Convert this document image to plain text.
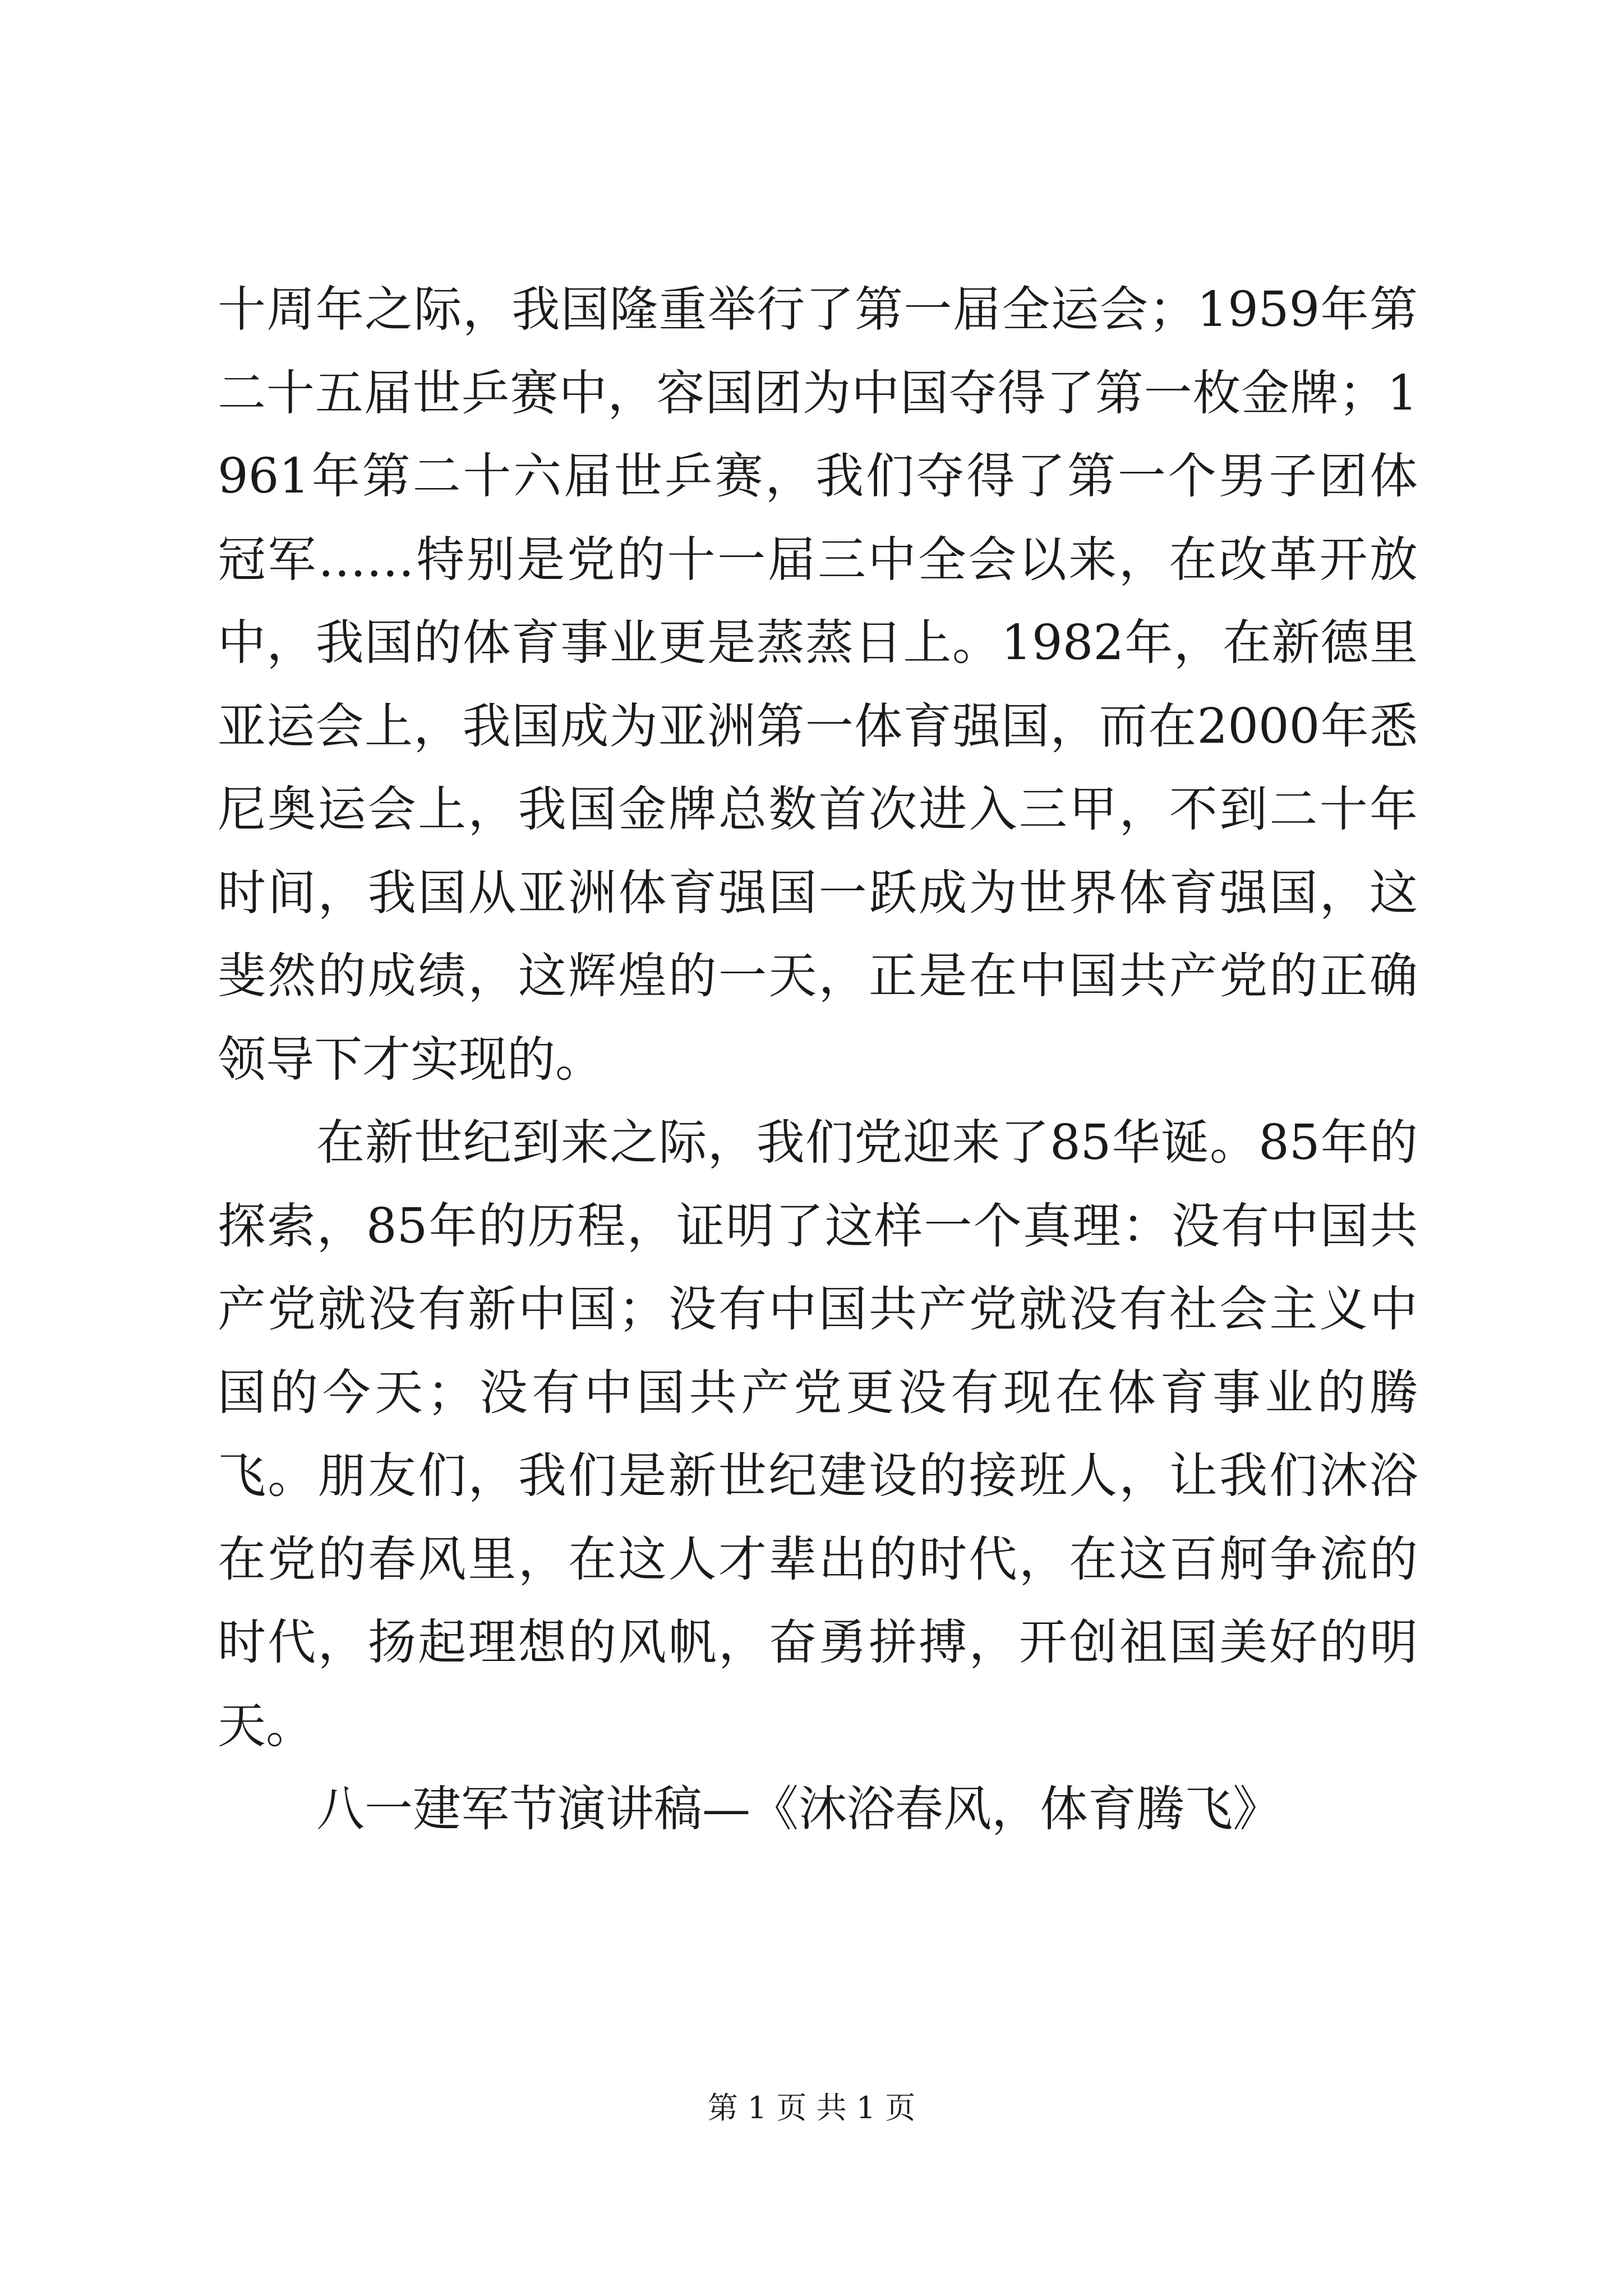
十周年之际，我国隆重举行了第一届全运会；1959年第二十五届世乒赛中，容国团为中国夺得了第一枚金牌；1961年第二十六届世乒赛，我们夺得了第一个男子团体冠军……特别是党的十一届三中全会以来，在改革开放中，我国的体育事业更是蒸蒸日上。1982年，在新德里亚运会上，我国成为亚洲第一体育强国，而在2000年悉尼奥运会上，我国金牌总数首次进入三甲，不到二十年时间，我国从亚洲体育强国一跃成为世界体育强国，这斐然的成绩，这辉煌的一天，正是在中国共产党的正确领导下才实现的。

在新世纪到来之际，我们党迎来了85华诞。85年的探索，85年的历程，证明了这样一个真理：没有中国共产党就没有新中国；没有中国共产党就没有社会主义中国的今天；没有中国共产党更没有现在体育事业的腾飞。朋友们，我们是新世纪建设的接班人，让我们沐浴在党的春风里，在这人才辈出的时代，在这百舸争流的时代，扬起理想的风帆，奋勇拼搏，开创祖国美好的明天。

八一建军节演讲稿—《沐浴春风，体育腾飞》

第 1 页 共 1 页
